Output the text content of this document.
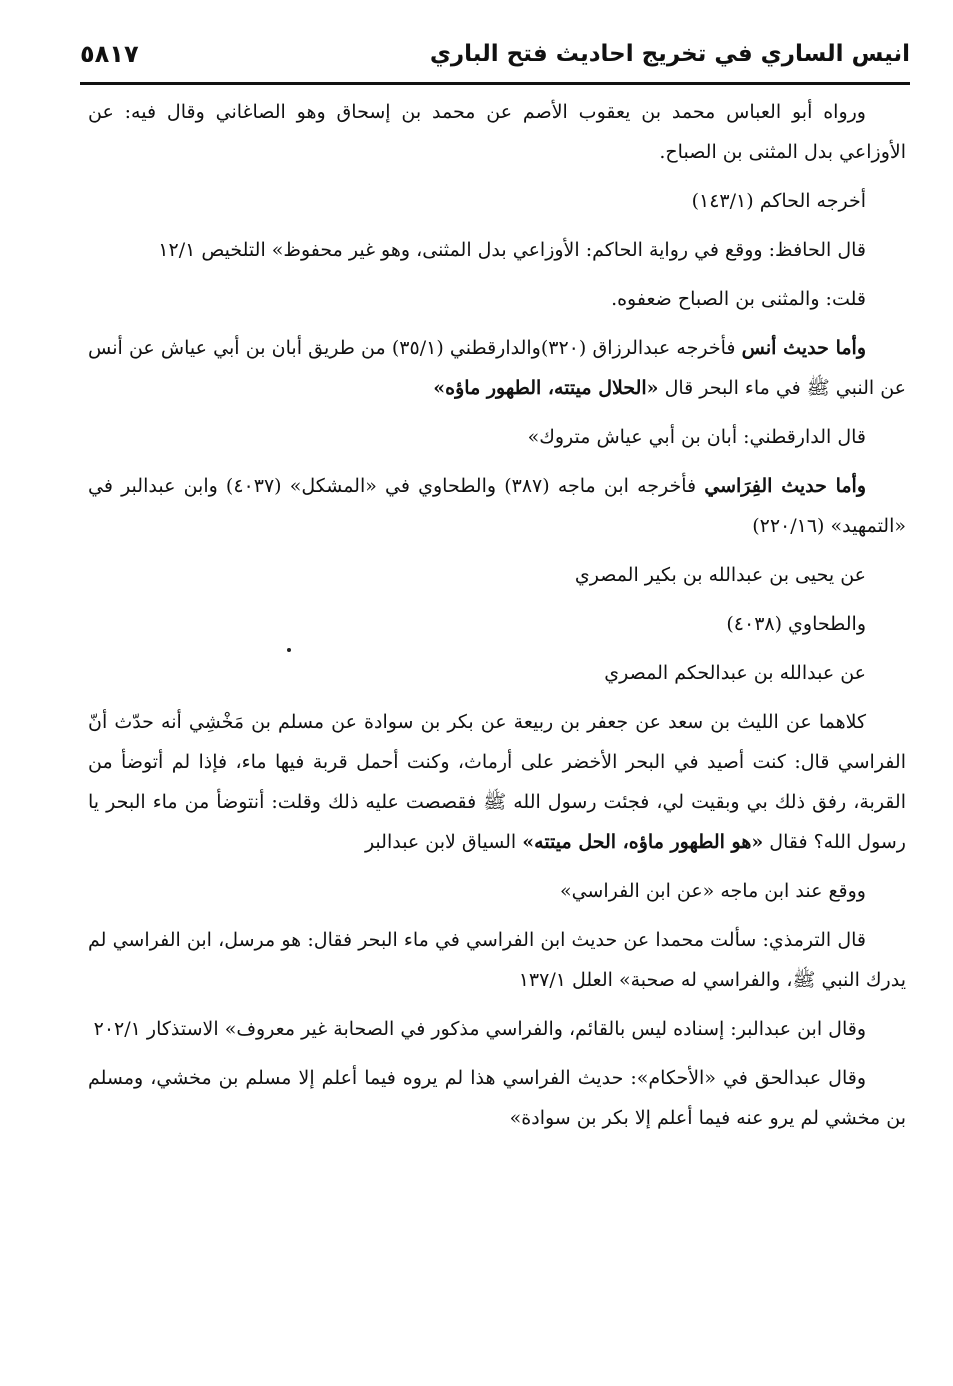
انيس الساري في تخريج احاديث فتح الباري
٥٨١٧

ورواه أبو العباس محمد بن يعقوب الأصم عن محمد بن إسحاق وهو الصاغاني وقال فيه: عن الأوزاعي بدل المثنى بن الصباح.

أخرجه الحاكم (١٤٣/١)

قال الحافظ: ووقع في رواية الحاكم: الأوزاعي بدل المثنى، وهو غير محفوظ» التلخيص ١٢/١

قلت: والمثنى بن الصباح ضعفوه.

وأما حديث أنس فأخرجه عبدالرزاق (٣٢٠)والدارقطني (٣٥/١) من طريق أبان بن أبي عياش عن أنس عن النبي ﷺ في ماء البحر قال «الحلال ميتته، الطهور ماؤه»

قال الدارقطني: أبان بن أبي عياش متروك»

وأما حديث الفِرَاسي فأخرجه ابن ماجه (٣٨٧) والطحاوي في «المشكل» (٤٠٣٧) وابن عبدالبر في «التمهيد» (٢٢٠/١٦)

عن يحيى بن عبدالله بن بكير المصري

والطحاوي (٤٠٣٨)

عن عبدالله بن عبدالحكم المصري

كلاهما عن الليث بن سعد عن جعفر بن ربيعة عن بكر بن سوادة عن مسلم بن مَخْشِي أنه حدّث أنّ الفراسي قال: كنت أصيد في البحر الأخضر على أرماث، وكنت أحمل قربة فيها ماء، فإذا لم أتوضأ من القربة، رفق ذلك بي وبقيت لي، فجئت رسول الله ﷺ فقصصت عليه ذلك وقلت: أنتوضأ من ماء البحر يا رسول الله؟ فقال «هو الطهور ماؤه، الحل ميتته» السياق لابن عبدالبر

ووقع عند ابن ماجه «عن ابن الفراسي»

قال الترمذي: سألت محمدا عن حديث ابن الفراسي في ماء البحر فقال: هو مرسل، ابن الفراسي لم يدرك النبي ﷺ، والفراسي له صحبة» العلل ١٣٧/١

وقال ابن عبدالبر: إسناده ليس بالقائم، والفراسي مذكور في الصحابة غير معروف» الاستذكار ٢٠٢/١

وقال عبدالحق في «الأحكام»: حديث الفراسي هذا لم يروه فيما أعلم إلا مسلم بن مخشي، ومسلم بن مخشي لم يرو عنه فيما أعلم إلا بكر بن سوادة»
